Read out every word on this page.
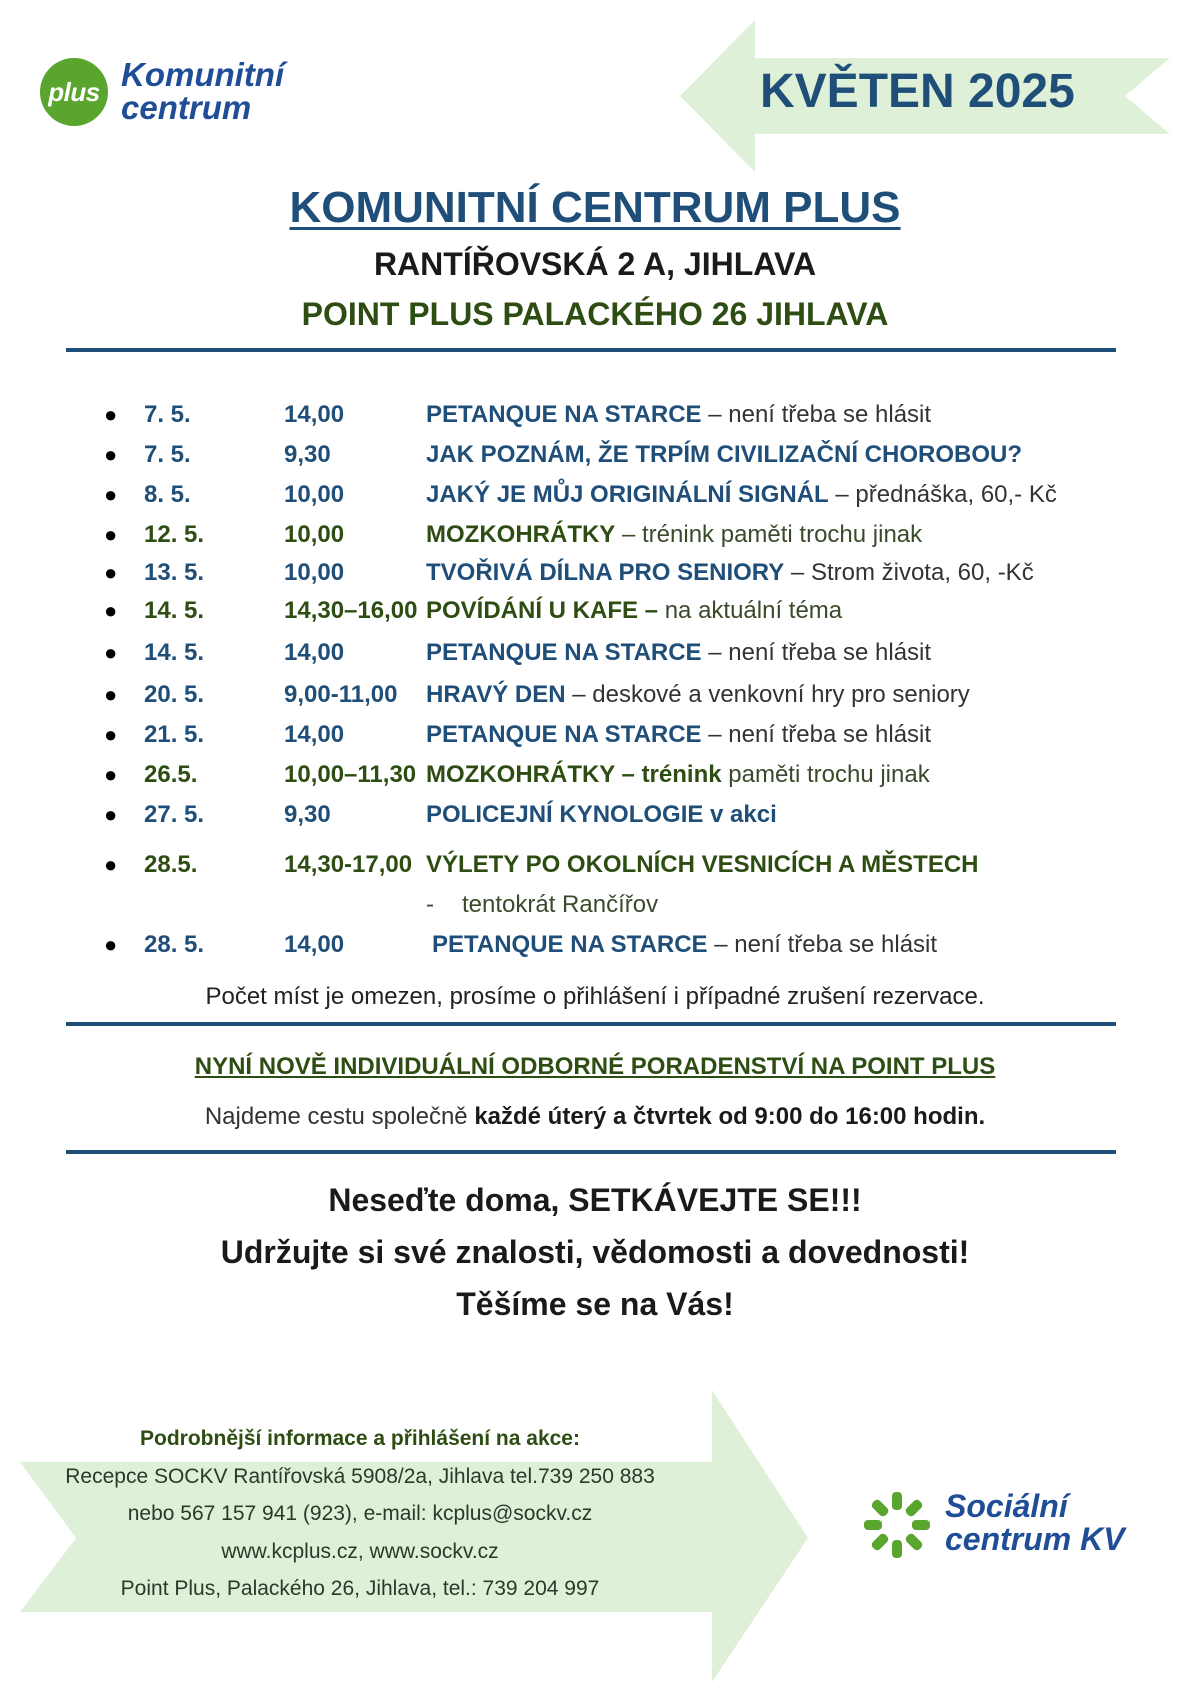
plus Komunitní
centrum	KVĚTEN 2025
KOMUNITNÍ CENTRUM PLUS
RANTÍŘOVSKÁ 2 A, JIHLAVA
POINT PLUS PALACKÉHO 26 JIHLAVA
● 7. 5.	14,00	PETANQUE NA STARCE – není třeba se hlásit
● 7. 5.	9,30	JAK POZNÁM, ŽE TRPÍM CIVILIZAČNÍ CHOROBOU?
● 8. 5.	10,00	JAKÝ JE MŮJ ORIGINÁLNÍ SIGNÁL – přednáška, 60,- Kč
● 12. 5.	10,00	MOZKOHRÁTKY – trénink paměti trochu jinak
● 13. 5.	10,00	TVOŘIVÁ DÍLNA PRO SENIORY – Strom života, 60, -Kč
● 14. 5.	14,30–16,00 POVÍDÁNÍ U KAFE – na aktuální téma
● 14. 5.	14,00	PETANQUE NA STARCE – není třeba se hlásit
● 20. 5.	9,00-11,00 HRAVÝ DEN – deskové a venkovní hry pro seniory
● 21. 5.	14,00	PETANQUE NA STARCE – není třeba se hlásit
● 26.5.	10,00–11,30 MOZKOHRÁTKY – trénink paměti trochu jinak
● 27. 5.	9,30	POLICEJNÍ KYNOLOGIE v akci
● 28.5.	14,30-17,00 VÝLETY PO OKOLNÍCH VESNICÍCH A MĚSTECH
- tentokrát Rančířov
● 28. 5.	14,00	PETANQUE NA STARCE – není třeba se hlásit
Počet míst je omezen, prosíme o přihlášení i případné zrušení rezervace.
NYNÍ NOVĚ INDIVIDUÁLNÍ ODBORNÉ PORADENSTVÍ NA POINT PLUS
Najdeme cestu společně každé úterý a čtvrtek od 9:00 do 16:00 hodin.
Neseďte doma, SETKÁVEJTE SE!!!
Udržujte si své znalosti, vědomosti a dovednosti!
Těšíme se na Vás!
Podrobnější informace a přihlášení na akce:
Recepce SOCKV Rantířovská 5908/2a, Jihlava tel.739 250 883
nebo 567 157 941 (923), e-mail: kcplus@sockv.cz
www.kcplus.cz, www.sockv.cz
Point Plus, Palackého 26, Jihlava, tel.: 739 204 997
Sociální
centrum KV
